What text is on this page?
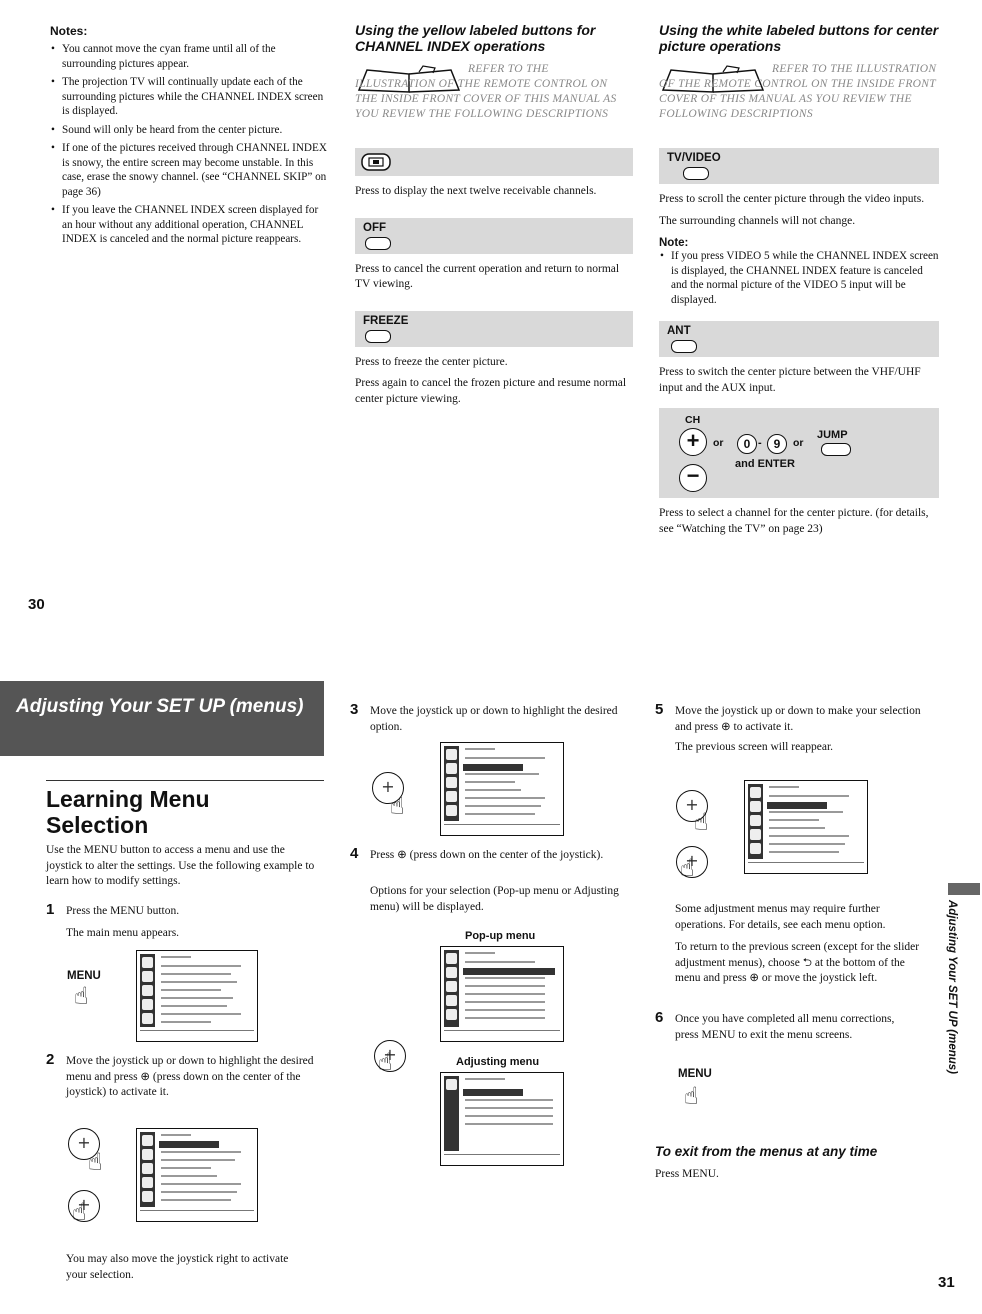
Notes:
• You cannot move the cyan frame until all of the surrounding pictures appear.
• The projection TV will continually update each of the surrounding pictures while the CHANNEL INDEX screen is displayed.
• Sound will only be heard from the center picture.
• If one of the pictures received through CHANNEL INDEX is snowy, the entire screen may become unstable. In this case, erase the snowy channel. (see “CHANNEL SKIP” on page 36)
• If you leave the CHANNEL INDEX screen displayed for an hour without any additional operation, CHANNEL INDEX is canceled and the normal picture reappears.
Using the yellow labeled buttons for CHANNEL INDEX operations
REFER TO THE ILLUSTRATION OF THE REMOTE CONTROL ON THE INSIDE FRONT COVER OF THIS MANUAL AS YOU REVIEW THE FOLLOWING DESCRIPTIONS
Press to display the next twelve receivable channels.
OFF
Press to cancel the current operation and return to normal TV viewing.
FREEZE
Press to freeze the center picture.
Press again to cancel the frozen picture and resume normal center picture viewing.
Using the white labeled buttons for center picture operations
REFER TO THE ILLUSTRATION OF THE REMOTE CONTROL ON THE INSIDE FRONT COVER OF THIS MANUAL AS YOU REVIEW THE FOLLOWING DESCRIPTIONS
TV/VIDEO
Press to scroll the center picture through the video inputs.
The surrounding channels will not change.
Note:
• If you press VIDEO 5 while the CHANNEL INDEX screen is displayed, the CHANNEL INDEX feature is canceled and the normal picture of the VIDEO 5 input will be displayed.
ANT
Press to switch the center picture between the VHF/UHF input and the AUX input.
CH
+
−
or	0 - 9	or
JUMP
and ENTER
Press to select a channel for the center picture. (for details, see “Watching the TV” on page 23)
30
Adjusting Your SET UP (menus)
Learning Menu Selection
Use the MENU button to access a menu and use the joystick to alter the settings. Use the following example to learn how to modify settings.
1 Press the MENU button.
The main menu appears.
MENU
☝
2 Move the joystick up or down to highlight the desired menu and press ⊕ (press down on the center of the joystick) to activate it.
+
☝
+
☝
You may also move the joystick right to activate your selection.
3 Move the joystick up or down to highlight the desired option.
+
☝
4 Press ⊕ (press down on the center of the joystick).
Options for your selection (Pop-up menu or Adjusting menu) will be displayed.
Pop-up menu
+
☝	Adjusting menu
5 Move the joystick up or down to make your selection and press ⊕ to activate it.
The previous screen will reappear.
+
☝
+
☝
Some adjustment menus may require further operations. For details, see each menu option.
To return to the previous screen (except for the slider adjustment menus), choose ⮌ at the bottom of the menu and press ⊕ or move the joystick left.
6 Once you have completed all menu corrections, press MENU to exit the menu screens.
MENU
☝
To exit from the menus at any time
Press MENU.
Adjusting Your SET UP (menus)
31
